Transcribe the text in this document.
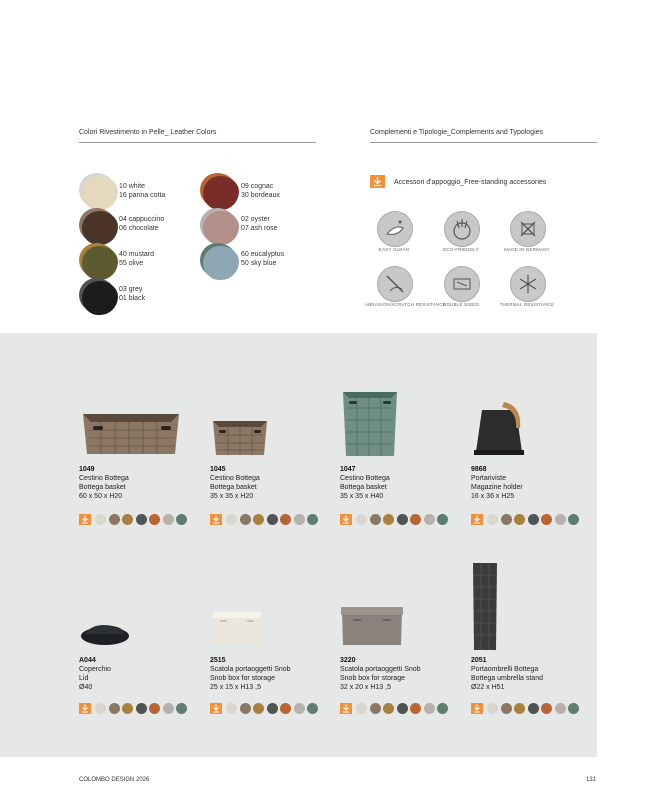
Colori Rivestimento in Pelle_ Leather Colors	Complementi e Tipologie_Complements and Typologies
10 white
16 panna cotta
09 cognac
30 bordeaux
04 cappuccino
06 chocolate
02 oyster
07 ash rose
40 mustard
55 olive
60 eucalyptus
50 sky blue
03 grey
01 black
Accessori d'appoggio_Free-standing accessories
EASY CLEAN	ECO-FRIENDLY	MADE IN GERMANY
ABRASION/SCRATCH RESISTANCE
DOUBLE SIDED	THERMAL RESISTANCE
1049
Cestino Bottega
Bottega basket
60 x 50 x H20
1045
Cestino Bottega
Bottega basket
35 x 35 x H20
1047
Cestino Bottega
Bottega basket
35 x 35 x H40
9868
Portariviste
Magazine holder
16 x 36 x H25
A044
Coperchio
Lid
Ø40
2515
Scatola portaoggetti Snob
Snob box for storage
25 x 15 x H13 ,5
3220
Scatola portaoggetti Snob
Snob box for storage
32 x 20 x H13 ,5
2051
Portaombrelli Bottega
Bottega umbrella stand
Ø22 x H51
COLOMBO DESIGN 2026	131
